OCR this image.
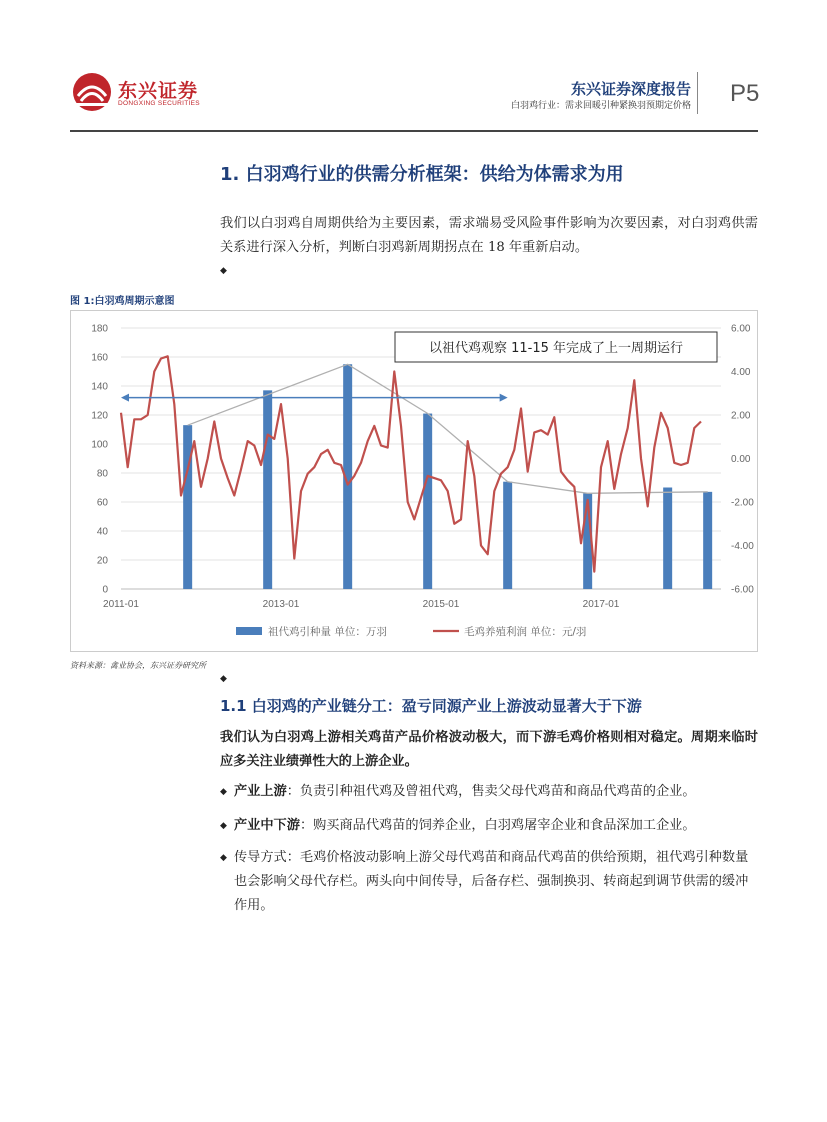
东兴证券
DONGXING SECURITIES
东兴证券深度报告
白羽鸡行业：需求回暖引种紧换羽预期定价格 P5
1. 白羽鸡行业的供需分析框架：供给为体需求为用
我们以白羽鸡自周期供给为主要因素，需求端易受风险事件影响为次要因素，对白羽鸡供需关系进行深入分析，判断白羽鸡新周期拐点在 18 年重新启动。
◆
图 1:白羽鸡周期示意图
0
20
40
60
80
100
120
140
160
180
-6.00
-4.00
-2.00
0.00
2.00
4.00
6.00
2011-01	2013-01	2015-01	2017-01
以祖代鸡观察 11-15 年完成了上一周期运行
祖代鸡引种量 单位：万羽	毛鸡养殖利润 单位：元/羽
资料来源：禽业协会，东兴证券研究所
◆
1.1 白羽鸡的产业链分工：盈亏同源产业上游波动显著大于下游
我们认为白羽鸡上游相关鸡苗产品价格波动极大，而下游毛鸡价格则相对稳定。周期来临时应多关注业绩弹性大的上游企业。
◆ 产业上游：负责引种祖代鸡及曾祖代鸡，售卖父母代鸡苗和商品代鸡苗的企业。
◆ 产业中下游：购买商品代鸡苗的饲养企业，白羽鸡屠宰企业和食品深加工企业。
◆ 传导方式：毛鸡价格波动影响上游父母代鸡苗和商品代鸡苗的供给预期，祖代鸡引种数量也会影响父母代存栏。两头向中间传导，后备存栏、强制换羽、转商起到调节供需的缓冲作用。
